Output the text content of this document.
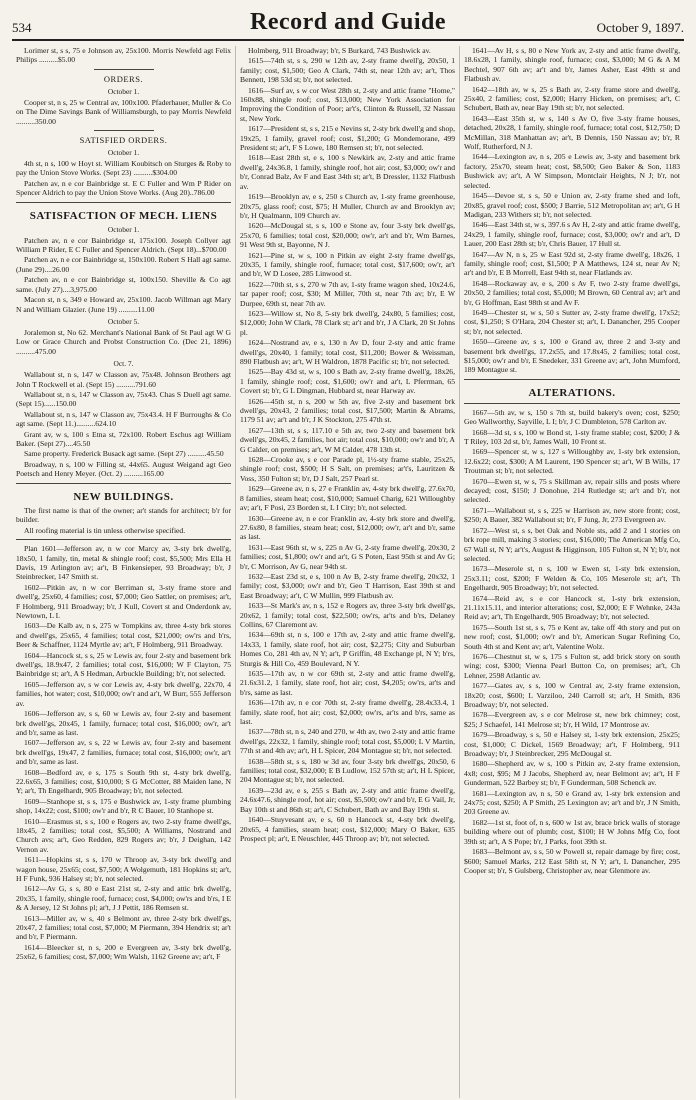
534	Record and Guide	October 9, 1897.

Lorimer st, s s, 75 e Johnson av, 25x100. Morris Newfeld agt Felix Philips ..........$5.00

ORDERS.

October 1.

Cooper st, n s, 25 w Central av, 100x100. Pfaderhauer, Muller & Co on The Dime Savings Bank of Williamsburgh, to pay Morris Newfeld ..........350.00

SATISFIED ORDERS.

October 1.

4th st, n s, 100 w Hoyt st. William Koubitsch on Sturges & Roby to pay the Union Stove Works. (Sept 23) ..........$304.00

Patchen av, n e cor Bainbridge st. E C Fuller and Wm P Rider on Spencer Aldrich to pay the Union Stove Works. (Aug 20)..786.00

SATISFACTION OF MECH. LIENS

October 1.

Patchen av, n e cor Bainbridge st, 175x100. Joseph Collyer agt William P Rider, E C Fuller and Spencer Aldrich. (Sept 18)...$700.00

Patchen av, n e cor Bainbridge st, 150x100. Robert S Hall agt same. (June 29)....26.00

Patchen av, n e cor Bainbridge st, 100x150. Sheville & Co agt same. (July 27)....3,975.00

Macon st, n s, 349 e Howard av, 25x100. Jacob Willman agt Mary N and William Glazier. (June 19) ..........11.00

October 5.

Joralemon st, No 62. Merchant's National Bank of St Paul agt W G Low or Grace Church and Probst Construction Co. (Dec 21, 1896) ..........475.00

Oct. 7.

Wallabout st, n s, 147 w Classon av, 75x48. Johnson Brothers agt John T Rockwell et al. (Sept 15) ..........791.60

Wallabout st, n s, 147 w Classon av, 75x43. Chas S Duell agt same. (Sept 15)......150.00

Wallabout st, n s, 147 w Classon av, 75x43.4. H F Burroughs & Co agt same. (Sept 11.)..........624.10

Grant av, w s, 100 s Etna st, 72x100. Robert Eschus agt William Baker. (Sept 27)....45.50

Same property. Frederick Busack agt same. (Sept 27) ..........45.50

Broadway, n s, 100 w Filling st, 44x65. August Weigand agt Geo Poetsch and Henry Meyer. (Oct. 2) ..........165.00

NEW BUILDINGS.

The first name is that of the owner; ar't stands for architect; b'r for builder.

All roofing material is tin unless otherwise specified.

Plan 1601—Jefferson av, n w cor Marcy av, 3-sty brk dwell'g, 18x50, 1 family, tin, metal & shingle roof; cost, $5,500; Mrs Ella H Davis, 19 Arlington av; ar't, B Finkensieper, 93 Broadway; b'r, J Steinbrecker, 147 Smith st.

1602—Pitkin av, n w cor Berriman st, 3-sty frame store and dwell'g, 25x60, 4 families; cost, $7,000; Geo Sattler, on premises; ar't, F Holmberg, 911 Broadway; b'r, J Kull, Covert st and Onderdonk av, Newtown, L I.

1603—De Kalb av, n s, 275 w Tompkins av, three 4-sty brk stores and dwell'gs, 25x65, 4 families; total cost, $21,000; ow'rs and b'rs, Beer & Schaffner, 1124 Myrtle av; ar't, F Holmberg, 911 Broadway.

1604—Hancock st, s s, 25 w Lewis av, four 2-sty and basement brk dwell'gs, 18.9x47, 2 families; total cost, $16,000; W F Clayton, 75 Bainbridge st; ar't, A S Hedman, Arbuckle Building; b'r, not selected.

1605—Jefferson av, s w cor Lewis av, 4-sty brk dwell'g, 22x70, 4 families, hot water; cost, $10,000; ow'r and ar't, W Burr, 555 Jefferson av.

1606—Jefferson av, s s, 60 w Lewis av, four 2-sty and basement brk dwell'gs, 20x45, 1 family, furnace; total cost, $16,000; ow'r, ar't and b'r, same as last.

1607—Jefferson av, s s, 22 w Lewis av, four 2-sty and basement brk dwell'gs, 19x47, 2 families, furnace; total cost, $16,000; ow'r, ar't and b'r, same as last.

1608—Bedford av, e s, 175 s South 9th st, 4-sty brk dwell'g, 22.6x65, 3 families; cost, $10,000; S G McCotter, 88 Maiden lane, N Y; ar't, Th Engelhardt, 905 Broadway; b'r, not selected.

1609—Stanhope st, s s, 175 e Bushwick av, 1-sty frame plumbing shop, 14x22; cost, $100; ow'r and b'r, R C Bauer, 10 Stanhope st.

1610—Erasmus st, s s, 100 e Rogers av, two 2-sty frame dwell'gs, 18x45, 2 families; total cost, $5,500; A Williams, Nostrand and Church avs; ar't, Geo Redden, 829 Rogers av; b'r, J Deighan, 142 Vernon av.

1611—Hopkins st, s s, 170 w Throop av, 3-sty brk dwell'g and wagon house, 25x65; cost, $7,500; A Wolgemuth, 181 Hopkins st; ar't, H F Funk, 936 Halsey st; b'r, not selected.

1612—Av G, s s, 80 e East 21st st, 2-sty and attic brk dwell'g, 20x35, 1 family, shingle roof, furnace; cost, $4,000; ow'rs and b'rs, I E & A Jersey, 12 St Johns pl; ar't, J J Pettit, 186 Remsen st.

1613—Miller av, w s, 40 s Belmont av, three 2-sty brk dwell'gs, 20x47, 2 families; total cost, $7,000; M Piermann, 394 Hendrix st; ar't and b'r, F Piermann.

1614—Bleecker st, n s, 200 e Evergreen av, 3-sty brk dwell'g, 25x62, 6 families; cost, $7,000; Wm Walsh, 1162 Greene av; ar't, F

Holmberg, 911 Broadway; b'r, S Burkard, 743 Bushwick av.

1615—74th st, s s, 290 w 12th av, 2-sty frame dwell'g, 20x50, 1 family; cost, $1,500; Geo A Clark, 74th st, near 12th av; ar't, Thos Bennett, 198 53d st; b'r, not selected.

1616—Surf av, s w cor West 28th st, 2-sty and attic frame "Home," 160x88, shingle roof; cost, $13,000; New York Association for Improving the Condition of Poor; ar't's, Clinton & Russell, 32 Nassau st, New York.

1617—President st, s s, 215 e Nevins st, 2-sty brk dwell'g and shop, 19x25, 1 family, gravel roof; cost, $1,200; G Mondemorane, 499 President st; ar't, F S Lowe, 180 Remsen st; b'r, not selected.

1618—East 28th st, e s, 100 s Newkirk av, 2-sty and attic frame dwell'g, 24x36.8, 1 family, shingle roof, hot air; cost, $3,000; ow'r and b'r, Conrad Balz, Av F and East 34th st; ar't, B Dressler, 1132 Flatbush av.

1619—Brooklyn av, e s, 250 s Church av, 1-sty frame greenhouse, 20x75, glass roof; cost, $75; H Muller, Church av and Brooklyn av; b'r, H Qualmann, 109 Church av.

1620—McDougal st, s s, 100 e Stone av, four 3-sty brk dwell'gs, 25x70, 6 families; total cost, $20,000; ow'r, ar't and b'r, Wm Barnes, 91 West 9th st, Bayonne, N J.

1621—Pine st, w s, 100 n Pitkin av eight 2-sty frame dwell'gs, 20x35, 1 family, shingle roof, furnace; total cost, $17,600; ow'r, ar't and b'r, W D Losee, 285 Linwood st.

1622—70th st, s s, 270 w 7th av, 1-sty frame wagon shed, 10x24.6, tar paper roof; cost, $30; M Miller, 70th st, near 7th av; b'r, E W Durpee, 69th st, near 7th av.

1623—Willow st, No 8, 5-sty brk dwell'g, 24x80, 5 families; cost, $12,000; John W Clark, 78 Clark st; ar't and b'r, J A Clark, 20 St Johns pl.

1624—Nostrand av, e s, 130 n Av D, four 2-sty and attic frame dwell'gs, 20x40, 1 family; total cost, $11,200; Bower & Weissman, 890 Flatbush av; ar't, W H Waldron, 1878 Pacific st; b'r, not selected.

1625—Bay 43d st, w s, 100 s Bath av, 2-sty frame dwell'g, 18x26, 1 family, shingle roof; cost, $1,600; ow'r and ar't, L Pferrman, 65 Covert st; b'r, G L Dingman, Hubbard st, near Harway av.

1626—45th st, n s, 200 w 5th av, five 2-sty and basement brk dwell'gs, 20x43, 2 families; total cost, $17,500; Martin & Abrams, 1179 51 av; ar't and b'r, J K Stockton, 275 47th st.

1627—13th st, s s, 117.10 e 5th av, two 2-sty and basement brk dwell'gs, 20x45, 2 families, hot air; total cost, $10,000; ow'r and b'r, A G Calder, on premises; ar't, W M Calder, 478 13th st.

1628—Crooke av, s e cor Parade pl, 1½-sty frame stable, 25x25, shingle roof; cost, $500; H S Salt, on premises; ar't's, Lauritzen & Voss, 350 Fulton st; b'r, D J Salt, 257 Pearl st.

1629—Greene av, n s, 27 e Franklin av, 4-sty brk dwell'g, 27.6x70, 8 families, steam heat; cost, $10,000; Samuel Charig, 621 Willoughby av; ar't, F Posi, 23 Borden st, L I City; b'r, not selected.

1630—Greene av, n e cor Franklin av, 4-sty brk store and dwell'g, 27.6x80, 8 families, steam heat; cost, $12,000; ow'r, ar't and b'r, same as last.

1631—East 96th st, w s, 225 n Av G, 2-sty frame dwell'g, 20x30, 2 families; cost, $1,800; ow'r and ar't, G S Poten, East 95th st and Av G; b'r, C Morrison, Av G, near 94th st.

1632—East 23d st, e s, 100 n Av B, 2-sty frame dwell'g, 20x32, 1 family; cost, $3,000; ow'r and b'r, Geo T Harrison, East 39th st and East Broadway; ar't, C W Mullin, 999 Flatbush av.

1633—St Mark's av, n s, 152 e Rogers av, three 3-sty brk dwell'gs, 20x62, 1 family; total cost, $22,500; ow'rs, ar'ts and b'rs, Delaney Collins, 67 Claremont av.

1634—69th st, n s, 100 e 17th av, 2-sty and attic frame dwell'g, 14x33, 1 family, slate roof, hot air; cost, $2,275; City and Suburban Homes Co, 281 4th av, N Y; ar't, P Griffin, 48 Exchange pl, N Y; b'rs, Sturgis & Hill Co, 459 Boulevard, N Y.

1635—17th av, n w cor 69th st, 2-sty and attic frame dwell'g, 21.6x31.2, 1 family, slate roof, hot air; cost, $4,205; ow'rs, ar'ts and b'rs, same as last.

1636—17th av, n e cor 70th st, 2-sty frame dwell'g, 28.4x33.4, 1 family, slate roof, hot air; cost, $2,000; ow'rs, ar'ts and b'rs, same as last.

1637—78th st, n s, 240 and 270, w 4th av, two 2-sty and attic frame dwell'gs, 22x32, 1 family, shingle roof; total cost, $5,000; L V Martin, 77th st and 4th av; ar't, H L Spicer, 204 Montague st; b'r, not selected.

1638—58th st, s s, 180 w 3d av, four 3-sty brk dwell'gs, 20x50, 6 families; total cost, $32,000; E B Ludlow, 152 57th st; ar't, H L Spicer, 204 Montague st; b'r, not selected.

1639—23d av, e s, 255 s Bath av, 2-sty and attic frame dwell'g, 24.6x47.6, shingle roof, hot air; cost, $5,500; ow'r and b'r, E G Vail, Jr, Bay 10th st and 86th st; ar't, C Schubert, Bath av and Bay 19th st.

1640—Stuyvesant av, e s, 60 n Hancock st, 4-sty brk dwell'g, 20x65, 4 families, steam heat; cost, $12,000; Mary O Baker, 635 Prospect pl; ar't, E Neuschler, 445 Throop av; b'r, not selected.

1641—Av H, s s, 80 e New York av, 2-sty and attic frame dwell'g, 18.6x28, 1 family, shingle roof, furnace; cost, $3,000; M G & A M Bechtel, 907 6th av; ar't and b'r, James Asher, East 49th st and Flatbush av.

1642—18th av, w s, 25 s Bath av, 2-sty frame store and dwell'g, 25x40, 2 families; cost, $2,000; Harry Hicken, on premises; ar't, C Schubert, Bath av, near Bay 19th st; b'r, not selected.

1643—East 35th st, w s, 140 s Av O, five 3-sty frame houses, detached, 20x28, 1 family, shingle roof, furnace; total cost, $12,750; D McMillan, 318 Manhattan av; ar't, B Dennis, 150 Nassau av; b'r, R Wolf, Rutherford, N J.

1644—Lexington av, n s, 205 e Lewis av, 3-sty and basement brk factory, 25x70, steam heat; cost, $8,500; Geo Baker & Son, 1183 Bushwick av; ar't, A W Simpson, Montclair Heights, N J; b'r, not selected.

1645—Devoe st, s s, 50 e Union av, 2-sty frame shed and loft, 20x85, gravel roof; cost, $500; J Barrie, 512 Metropolitan av; ar't, G H Madigan, 233 Withers st; b'r, not selected.

1646—East 34th st, w s, 397.6 s Av H, 2-sty and attic frame dwell'g, 24x29, 1 family, shingle roof, furnace; cost, $3,000; ow'r and ar't, D Lauer, 200 East 28th st; b'r, Chris Bauer, 17 Hull st.

1647—Av N, n s, 25 w East 92d st, 2-sty frame dwell'g, 18x26, 1 family, shingle roof; cost, $1,500; P A Matthews, 124 st, near Av N; ar't and b'r, E B Morrell, East 94th st, near Flatlands av.

1648—Rockaway av, e s, 200 s Av F, two 2-sty frame dwell'gs, 20x50, 2 families; total cost, $5,000; M Brown, 60 Central av; ar't and b'r, G Hoffman, East 98th st and Av F.

1649—Chester st, w s, 50 s Sutter av, 2-sty frame dwell'g, 17x52; cost, $1,250; S O'Hara, 204 Chester st; ar't, L Danancher, 295 Cooper st; b'r, not selected.

1650—Greene av, s s, 100 e Grand av, three 2 and 3-sty and basement brk dwell'gs, 17.2x55, and 17.8x45, 2 families; total cost, $15,000; ow'r and b'r, E Snedeker, 331 Greene av; ar't, John Mumford, 189 Montague st.

ALTERATIONS.

1667—5th av, w s, 150 s 7th st, build bakery's oven; cost, $250; Geo Wallworthy, Sayville, L I; b'r, J C Dumbleton, 578 Carlton av.

1668—3d st, s s, 100 w Bond st, 1-sty frame stable; cost, $200; J & T Riley, 103 2d st, b'r, James Wall, 10 Front st.

1669—Spencer st, w s, 127 s Willoughby av, 1-sty brk extension, 12.6x22; cost, $300; A M Laurent, 190 Spencer st; ar't, W B Wills, 17 Troutman st; b'r, not selected.

1670—Ewen st, w s, 75 s Skillman av, repair sills and posts where decayed; cost, $150; J Donohue, 214 Rutledge st; ar't and b'r, not selected.

1671—Wallabout st, s s, 225 w Harrison av, new store front; cost, $250; A Bauer, 382 Wallabout st; b'r, F Jung, Jr, 273 Evergreen av.

1672—West st, s s, bet Oak and Noble sts, add 2 and 1 stories on brk rope mill, making 3 stories; cost, $16,000; The American Mfg Co, 67 Wall st, N Y; ar't's, August & Higginson, 105 Fulton st, N Y; b'r, not selected.

1673—Meserole st, n s, 100 w Ewen st, 1-sty brk extension, 25x3.11; cost, $200; F Welden & Co, 105 Meserole st; ar't, Th Engelhardt, 905 Broadway; b'r, not selected.

1674—Reid av, s e cor Hancock st, 1-sty brk extension, 21.11x15.11, and interior alterations; cost, $2,000; E F Wehnke, 243a Reid av; ar't, Th Engelhardt, 905 Broadway; b'r, not selected.

1675—South 1st st, s s, 75 e Kent av, take off 4th story and put on new roof; cost, $1,000; ow'r and b'r, American Sugar Refining Co, South 4th st and Kent av; ar't, Valentine Wolz.

1676—Chestnut st, w s, 175 s Fulton st, add brick story on south wing; cost, $300; Vienna Pearl Button Co, on premises; ar't, Ch Lehner, 2598 Atlantic av.

1677—Gates av, s s, 100 w Central av, 2-sty frame extension, 18x20; cost, $600; L Varziloo, 240 Carroll st; ar't, H Smith, 836 Broadway; b'r, not selected.

1678—Evergreen av, s e cor Melrose st, new brk chimney; cost, $25; J Schaefel, 141 Melrose st; b'r, H Wild, 17 Montrose av.

1679—Broadway, s s, 50 e Halsey st, 1-sty brk extension, 25x25; cost, $1,000; C Dickel, 1569 Broadway; ar't, F Holmberg, 911 Broadway; b'r, J Steinbrecker, 295 McDougal st.

1680—Shepherd av, w s, 100 s Pitkin av, 2-sty frame extension, 4x8; cost, $95; M J Jacobs, Shepherd av, near Belmont av; ar't, H F Gunderman, 522 Barbey st; b'r, F Gunderman, 508 Schenck av.

1681—Lexington av, n s, 50 e Grand av, 1-sty brk extension and 24x75; cost, $250; A P Smith, 25 Lexington av; ar't and b'r, J N Smith, 203 Greene av.

1682—1st st, foot of, n s, 600 w 1st av, brace brick walls of storage building where out of plumb; cost, $100; H W Johns Mfg Co, foot 39th st; ar't, A S Pope; b'r, J Parks, foot 39th st.

1683—Belmont av, s s, 50 w Powell st, repair damage by fire; cost, $600; Samuel Marks, 212 East 58th st, N Y; ar't, L Danancher, 295 Cooper st; b'r, S Gulsberg, Christopher av, near Glenmore av.
